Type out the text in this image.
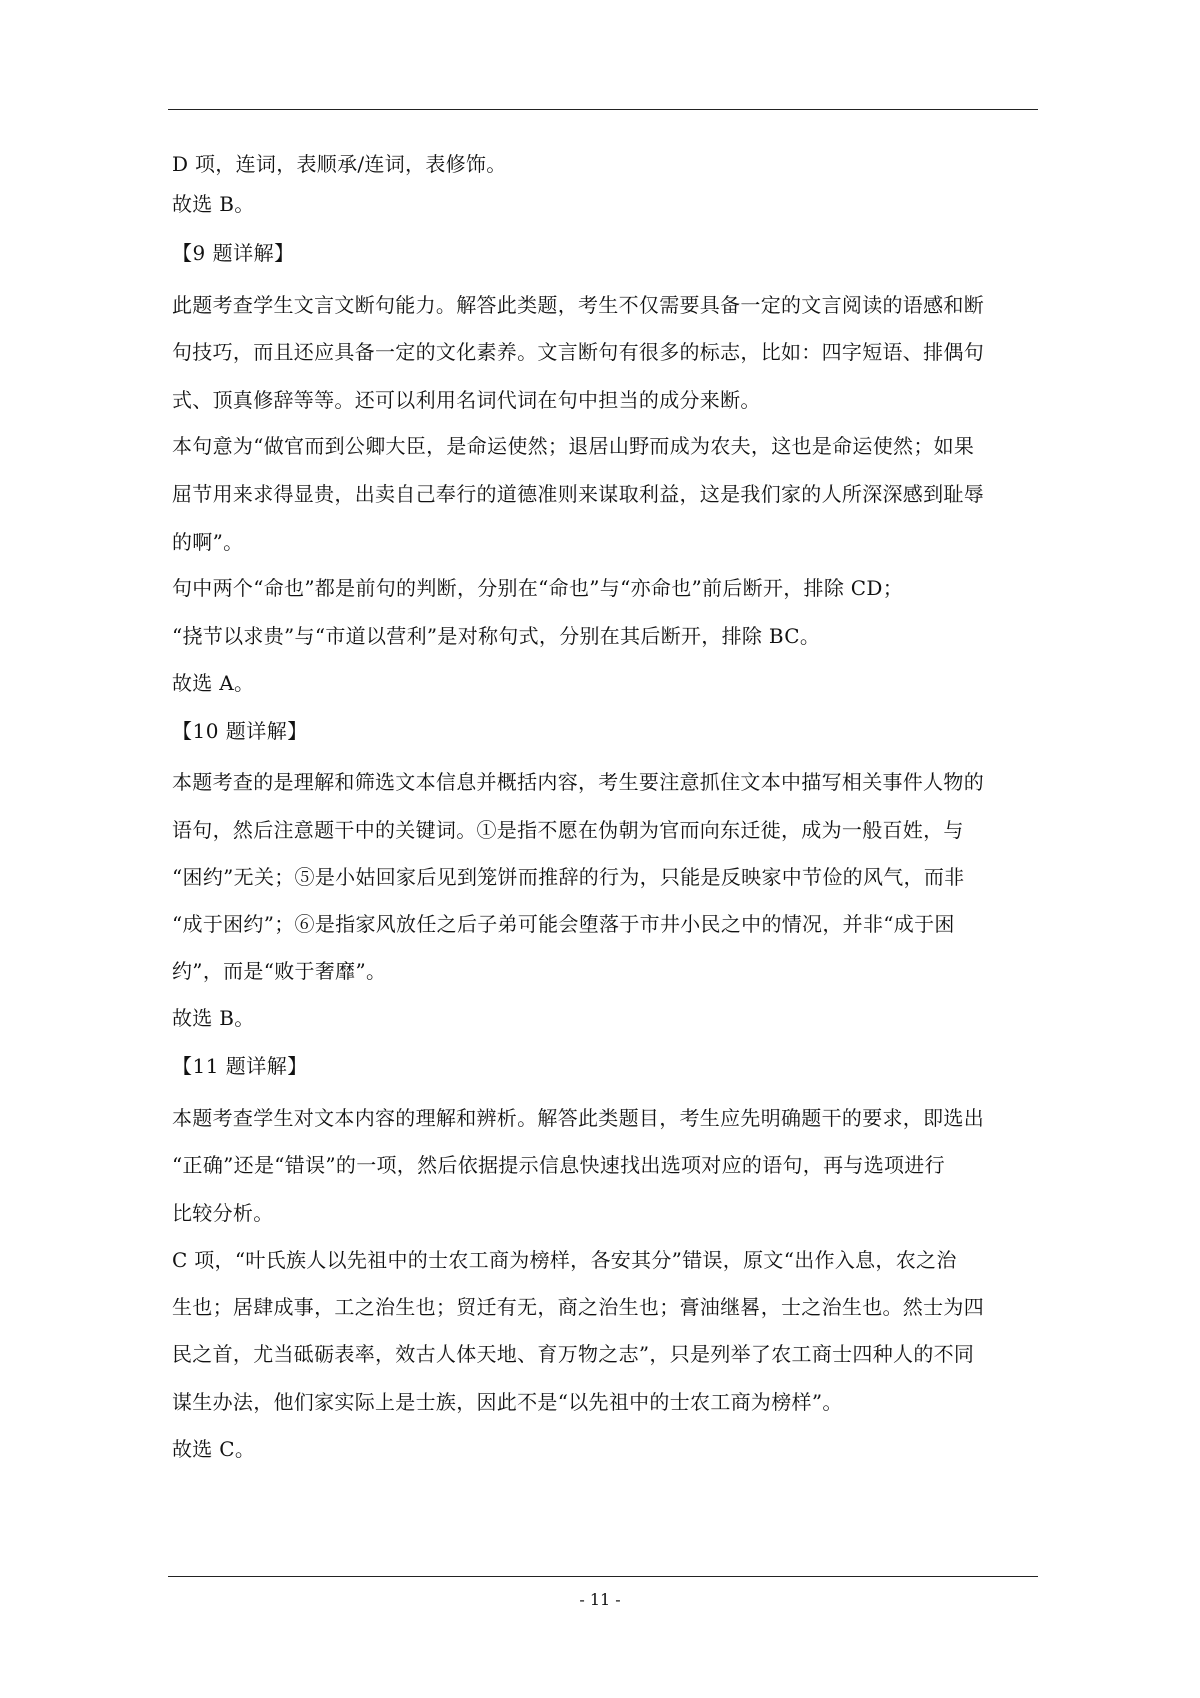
D 项，连词，表顺承/连词，表修饰。
故选 B。
【9 题详解】
此题考查学生文言文断句能力。解答此类题，考生不仅需要具备一定的文言阅读的语感和断
句技巧，而且还应具备一定的文化素养。文言断句有很多的标志，比如：四字短语、排偶句
式、顶真修辞等等。还可以利用名词代词在句中担当的成分来断。
本句意为“做官而到公卿大臣，是命运使然；退居山野而成为农夫，这也是命运使然；如果
屈节用来求得显贵，出卖自己奉行的道德准则来谋取利益，这是我们家的人所深深感到耻辱
的啊”。
句中两个“命也”都是前句的判断，分别在“命也”与“亦命也”前后断开，排除 CD；
“挠节以求贵”与“市道以营利”是对称句式，分别在其后断开，排除 BC。
故选 A。
【10 题详解】
本题考查的是理解和筛选文本信息并概括内容，考生要注意抓住文本中描写相关事件人物的
语句，然后注意题干中的关键词。①是指不愿在伪朝为官而向东迁徙，成为一般百姓，与
“困约”无关；⑤是小姑回家后见到笼饼而推辞的行为，只能是反映家中节俭的风气，而非
“成于困约”；⑥是指家风放任之后子弟可能会堕落于市井小民之中的情况，并非“成于困
约”，而是“败于奢靡”。
故选 B。
【11 题详解】
本题考查学生对文本内容的理解和辨析。解答此类题目，考生应先明确题干的要求，即选出
“正确”还是“错误”的一项，然后依据提示信息快速找出选项对应的语句，再与选项进行
比较分析。
C 项，“叶氏族人以先祖中的士农工商为榜样，各安其分”错误，原文“出作入息，农之治
生也；居肆成事，工之治生也；贸迁有无，商之治生也；膏油继晷，士之治生也。然士为四
民之首，尤当砥砺表率，效古人体天地、育万物之志”，只是列举了农工商士四种人的不同
谋生办法，他们家实际上是士族，因此不是“以先祖中的士农工商为榜样”。
故选 C。
- 11 -
